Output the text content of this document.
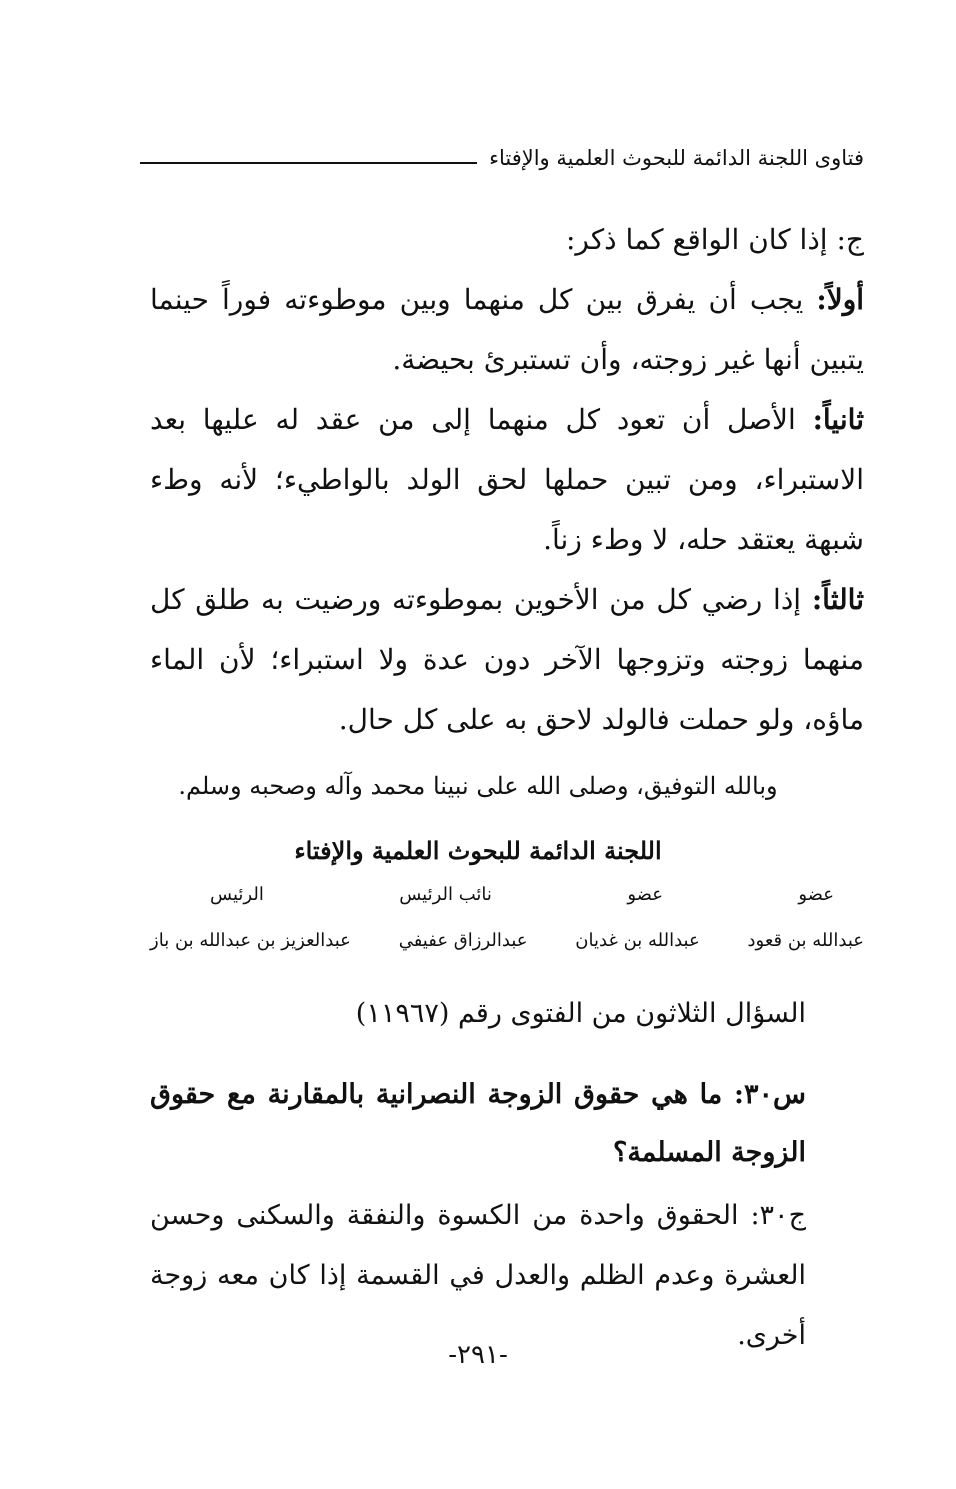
فتاوى اللجنة الدائمة للبحوث العلمية والإفتاء

ج: إذا كان الواقع كما ذكر:

أولاً: يجب أن يفرق بين كل منهما وبين موطوءته فوراً حينما يتبين أنها غير زوجته، وأن تستبرئ بحيضة.

ثانياً: الأصل أن تعود كل منهما إلى من عقد له عليها بعد الاستبراء، ومن تبين حملها لحق الولد بالواطيء؛ لأنه وطء شبهة يعتقد حله، لا وطء زناً.

ثالثاً: إذا رضي كل من الأخوين بموطوءته ورضيت به طلق كل منهما زوجته وتزوجها الآخر دون عدة ولا استبراء؛ لأن الماء ماؤه، ولو حملت فالولد لاحق به على كل حال.

وبالله التوفيق، وصلى الله على نبينا محمد وآله وصحبه وسلم.
اللجنة الدائمة للبحوث العلمية والإفتاء
عضو
عضو
نائب الرئيس
الرئيس
عبدالله بن قعود
عبدالله بن غديان
عبدالرزاق عفيفي
عبدالعزيز بن عبدالله بن باز
السؤال الثلاثون من الفتوى رقم (١١٩٦٧)
س٣٠: ما هي حقوق الزوجة النصرانية بالمقارنة مع حقوق الزوجة المسلمة؟
ج٣٠: الحقوق واحدة من الكسوة والنفقة والسكنى وحسن العشرة وعدم الظلم والعدل في القسمة إذا كان معه زوجة أخرى.
-٢٩١-
